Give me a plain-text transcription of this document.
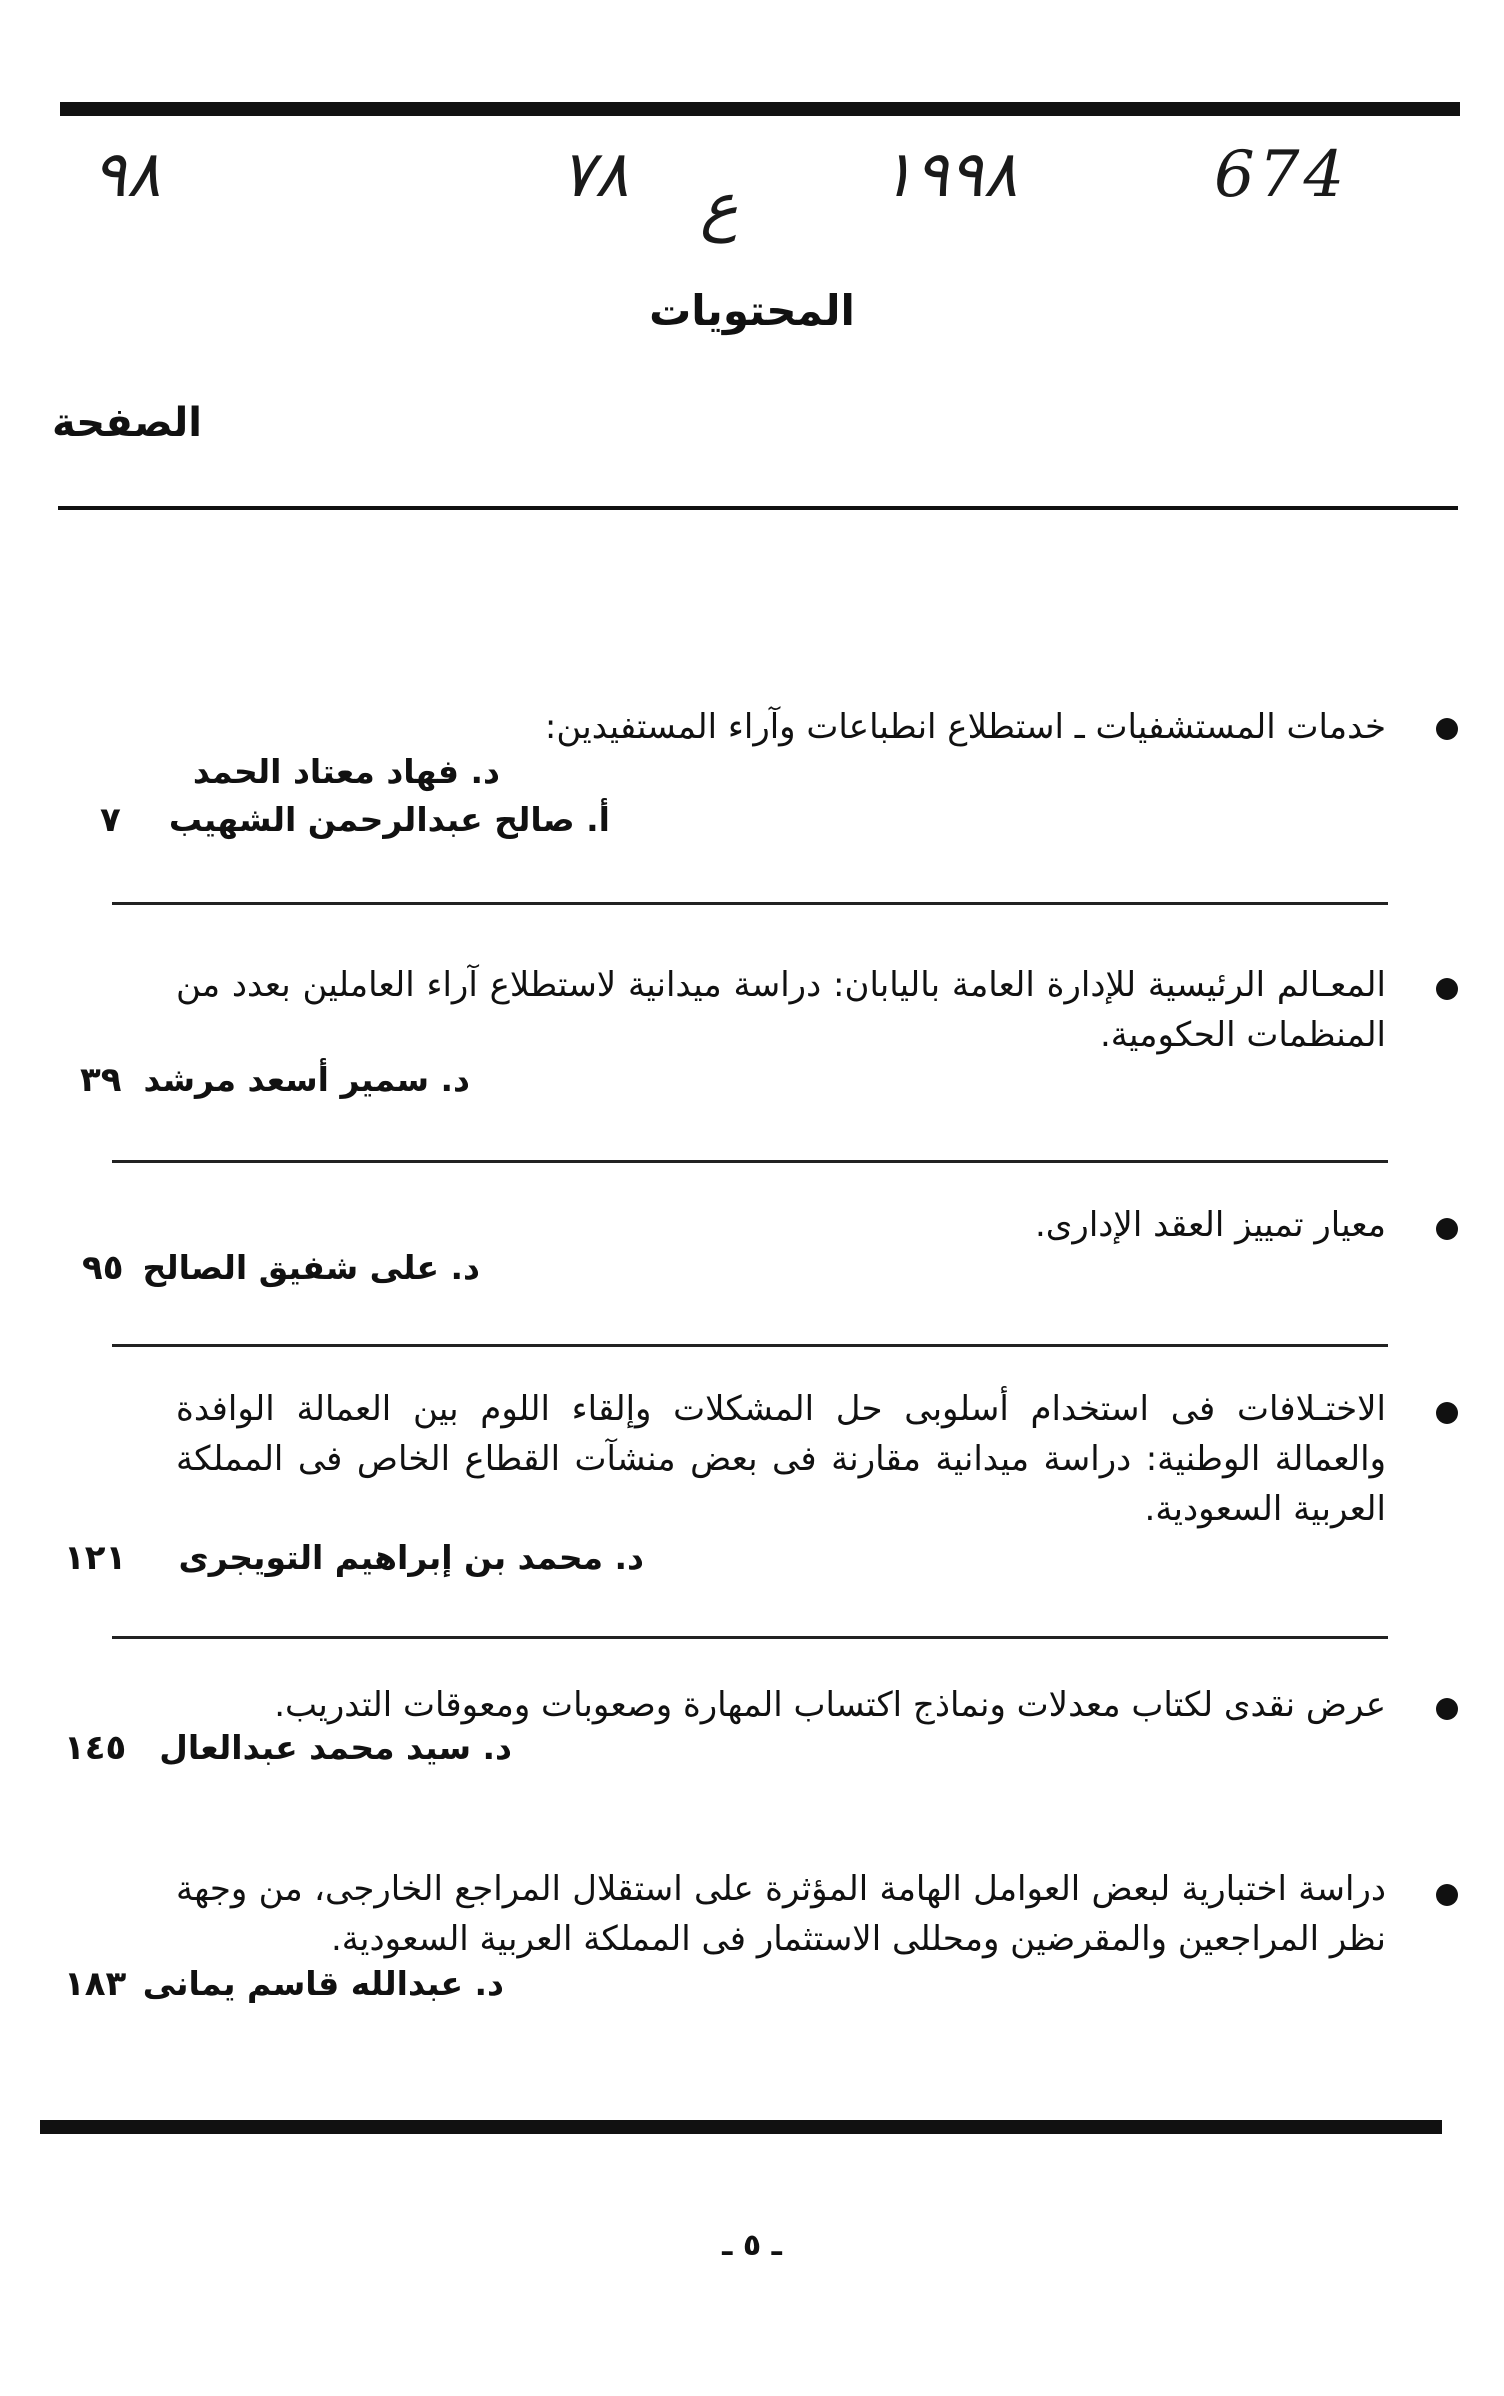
٩٨	٧٨ ع ١٩٩٨	674
المحتويات
الصفحة
خدمات المستشفيات ـ استطلاع انطباعات وآراء المستفيدين:
د. فهاد معتاد الحمد
أ. صالح عبدالرحمن الشهيب
٧
المعـالم الرئيسية للإدارة العامة باليابان: دراسة ميدانية لاستطلاع آراء العاملين بعدد من المنظمات الحكومية.
د. سمير أسعد مرشد
٣٩
معيار تمييز العقد الإدارى.
د. على شفيق الصالح
٩٥
الاختـلافات فى استخدام أسلوبى حل المشكلات وإلقاء اللوم بين العمالة الوافدة والعمالة الوطنية: دراسة ميدانية مقارنة فى بعض منشآت القطاع الخاص فى المملكة العربية السعودية.
د. محمد بن إبراهيم التويجرى
١٢١
عرض نقدى لكتاب معدلات ونماذج اكتساب المهارة وصعوبات ومعوقات التدريب.
د. سيد محمد عبدالعال
١٤٥
دراسة اختبارية لبعض العوامل الهامة المؤثرة على استقلال المراجع الخارجى، من وجهة نظر المراجعين والمقرضين ومحللى الاستثمار فى المملكة العربية السعودية.
د. عبدالله قاسم يمانى
١٨٣
ـ ٥ ـ
